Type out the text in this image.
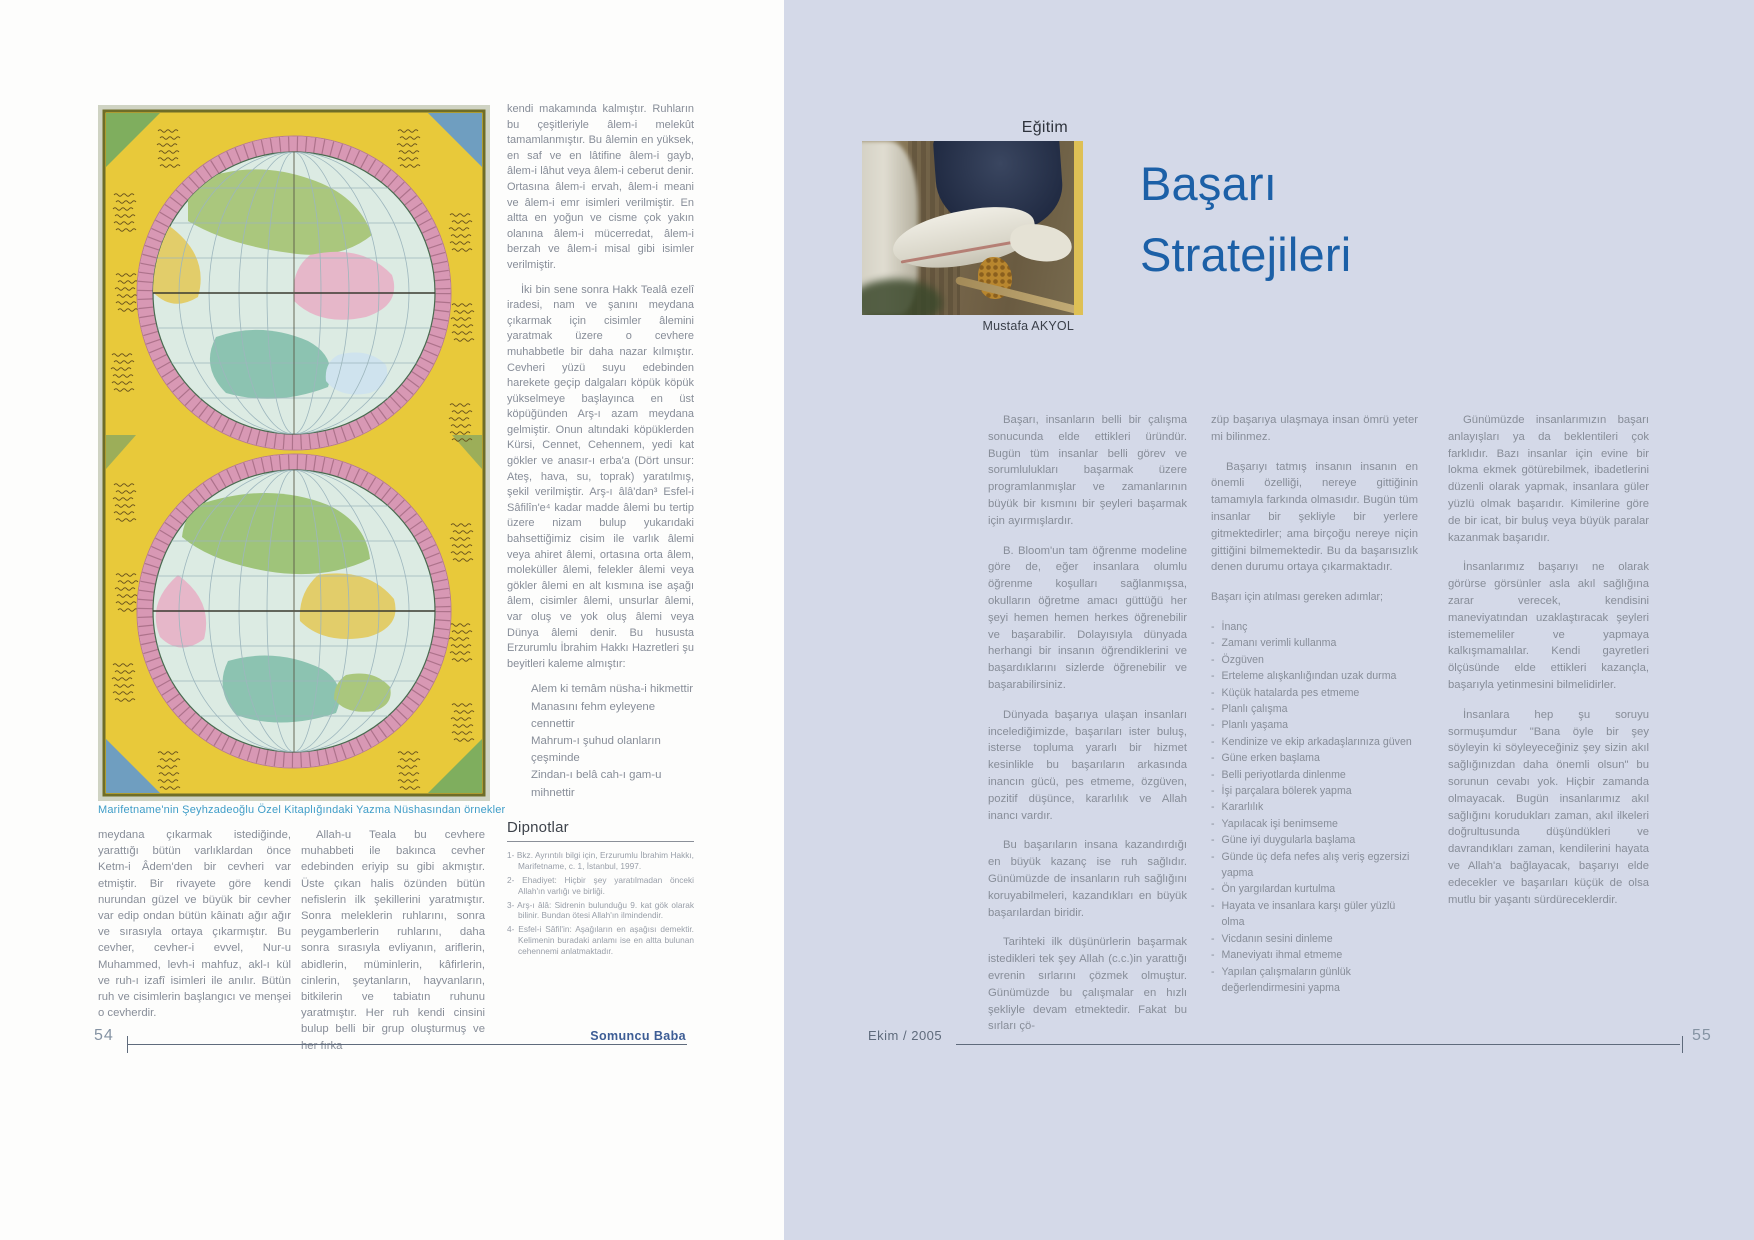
Marifetname'nin Şeyhzadeoğlu Özel Kitaplığındaki Yazma Nüshasından örnekler

meydana çıkarmak istediğinde, yarattığı bütün varlıklardan önce Ketm-i Âdem'den bir cevheri var etmiştir. Bir rivayete göre kendi nurundan güzel ve büyük bir cevher var edip ondan bütün kâinatı ağır ağır ve sırasıyla ortaya çıkarmıştır. Bu cevher, cevher-i evvel, Nur-u Muhammed, levh-i mahfuz, akl-ı kül ve ruh-ı izafî isimleri ile anılır. Bütün ruh ve cisimlerin başlangıcı ve menşei o cevherdir.

Allah-u Teala bu cevhere muhabbeti ile bakınca cevher edebinden eriyip su gibi akmıştır. Üste çıkan halis özünden bütün nefislerin ilk şekillerini yaratmıştır. Sonra meleklerin ruhlarını, sonra peygamberlerin ruhlarını, daha sonra sırasıyla evliyanın, ariflerin, abidlerin, müminlerin, kâfirlerin, cinlerin, şeytanların, hayvanların, bitkilerin ve tabiatın ruhunu yaratmıştır. Her ruh kendi cinsini bulup belli bir grup oluşturmuş ve her fırka

kendi makamında kalmıştır. Ruhların bu çeşitleriyle âlem-i melekût tamamlanmıştır. Bu âlemin en yüksek, en saf ve en lâtifine âlem-i gayb, âlem-i lâhut veya âlem-i ceberut denir. Ortasına âlem-i ervah, âlem-i meani ve âlem-i emr isimleri verilmiştir. En altta en yoğun ve cisme çok yakın olanına âlem-i mücerredat, âlem-i berzah ve âlem-i misal gibi isimler verilmiştir.

İki bin sene sonra Hakk Tealâ ezelî iradesi, nam ve şanını meydana çıkarmak için cisimler âlemini yaratmak üzere o cevhere muhabbetle bir daha nazar kılmıştır. Cevheri yüzü suyu edebinden harekete geçip dalgaları köpük köpük yükselmeye başlayınca en üst köpüğünden Arş-ı azam meydana gelmiştir. Onun altındaki köpüklerden Kürsi, Cennet, Cehennem, yedi kat gökler ve anasır-ı erba'a (Dört unsur: Ateş, hava, su, toprak) yaratılmış, şekil verilmiştir. Arş-ı âlâ'dan³ Esfel-i Sâfilîn'e⁴ kadar madde âlemi bu tertip üzere nizam bulup yukarıdaki bahsettiğimiz cisim ile varlık âlemi veya ahiret âlemi, ortasına orta âlem, moleküller âlemi, felekler âlemi veya gökler âlemi en alt kısmına ise aşağı âlem, cisimler âlemi, unsurlar âlemi, var oluş ve yok oluş âlemi veya Dünya âlemi denir. Bu hususta Erzurumlu İbrahim Hakkı Hazretleri şu beyitleri kaleme almıştır:

Alem ki temâm nüsha-i hikmettir
Manasını fehm eyleyene cennettir
Mahrum-ı şuhud olanların çeşminde
Zindan-ı belâ cah-ı gam-u mihnettir
Dipnotlar
1- Bkz. Ayrıntılı bilgi için, Erzurumlu İbrahim Hakkı, Marifetname, c. 1, İstanbul, 1997.
2- Ehadiyet: Hiçbir şey yaratılmadan önceki Allah'ın varlığı ve birliği.
3- Arş-ı âlâ: Sidrenin bulunduğu 9. kat gök olarak bilinir. Bundan ötesi Allah'ın ilmindendir.
4- Esfel-i Sâfil'in: Aşağıların en aşağısı demektir. Kelimenin buradaki anlamı ise en altta bulunan cehennemi anlatmaktadır.
54	Somuncu Baba
Eğitim
Mustafa AKYOL
Başarı
Stratejileri

Başarı, insanların belli bir çalışma sonucunda elde ettikleri üründür. Bugün tüm insanlar belli görev ve sorumlulukları başarmak üzere programlanmışlar ve zamanlarının büyük bir kısmını bir şeyleri başarmak için ayırmışlardır.

B. Bloom'un tam öğrenme modeline göre de, eğer insanlara olumlu öğrenme koşulları sağlanmışsa, okulların öğretme amacı güttüğü her şeyi hemen hemen herkes öğrenebilir ve başarabilir. Dolayısıyla dünyada herhangi bir insanın öğrendiklerini ve başardıklarını sizlerde öğrenebilir ve başarabilirsiniz.

Dünyada başarıya ulaşan insanları incelediğimizde, başarıları ister buluş, isterse topluma yararlı bir hizmet kesinlikle bu başarıların arkasında inancın gücü, pes etmeme, özgüven, pozitif düşünce, kararlılık ve Allah inancı vardır.

Bu başarıların insana kazandırdığı en büyük kazanç ise ruh sağlıdır. Günümüzde de insanların ruh sağlığını koruyabilmeleri, kazandıkları en büyük başarılardan biridir.

Tarihteki ilk düşünürlerin başarmak istedikleri tek şey Allah (c.c.)in yarattığı evrenin sırlarını çözmek olmuştur. Günümüzde bu çalışmalar en hızlı şekliyle devam etmektedir. Fakat bu sırları çö-

züp başarıya ulaşmaya insan ömrü yeter mi bilinmez.

Başarıyı tatmış insanın insanın en önemli özelliği, nereye gittiğinin tamamıyla farkında olmasıdır. Bugün tüm insanlar bir şekliyle bir yerlere gitmektedirler; ama birçoğu nereye niçin gittiğini bilmemektedir. Bu da başarısızlık denen durumu ortaya çıkarmaktadır.

Başarı için atılması gereken adımlar;

- İnanç
- Zamanı verimli kullanma
- Özgüven
- Erteleme alışkanlığından uzak durma
- Küçük hatalarda pes etmeme
- Planlı çalışma
- Planlı yaşama
- Kendinize ve ekip arkadaşlarınıza güven
- Güne erken başlama
- Belli periyotlarda dinlenme
- İşi parçalara bölerek yapma
- Kararlılık
- Yapılacak işi benimseme
- Güne iyi duygularla başlama
- Günde üç defa nefes alış veriş egzersizi yapma
- Ön yargılardan kurtulma
- Hayata ve insanlara karşı güler yüzlü olma
- Vicdanın sesini dinleme
- Maneviyatı ihmal etmeme
- Yapılan çalışmaların günlük değerlendirmesini yapma

Günümüzde insanlarımızın başarı anlayışları ya da beklentileri çok farklıdır. Bazı insanlar için evine bir lokma ekmek götürebilmek, ibadetlerini düzenli olarak yapmak, insanlara güler yüzlü olmak başarıdır. Kimilerine göre de bir icat, bir buluş veya büyük paralar kazanmak başarıdır.

İnsanlarımız başarıyı ne olarak görürse görsünler asla akıl sağlığına zarar verecek, kendisini maneviyatından uzaklaştıracak şeyleri istememeliler ve yapmaya kalkışmamalılar. Kendi gayretleri ölçüsünde elde ettikleri kazançla, başarıyla yetinmesini bilmelidirler.

İnsanlara hep şu soruyu sormuşumdur "Bana öyle bir şey söyleyin ki söyleyeceğiniz şey sizin akıl sağlığınızdan daha önemli olsun" bu sorunun cevabı yok. Hiçbir zamanda olmayacak. Bugün insanlarımız akıl sağlığını korudukları zaman, akıl ilkeleri doğrultusunda düşündükleri ve davrandıkları zaman, kendilerini hayata ve Allah'a bağlayacak, başarıyı elde edecekler ve başarıları küçük de olsa mutlu bir yaşantı sürdüreceklerdir.

Ekim / 2005	55
